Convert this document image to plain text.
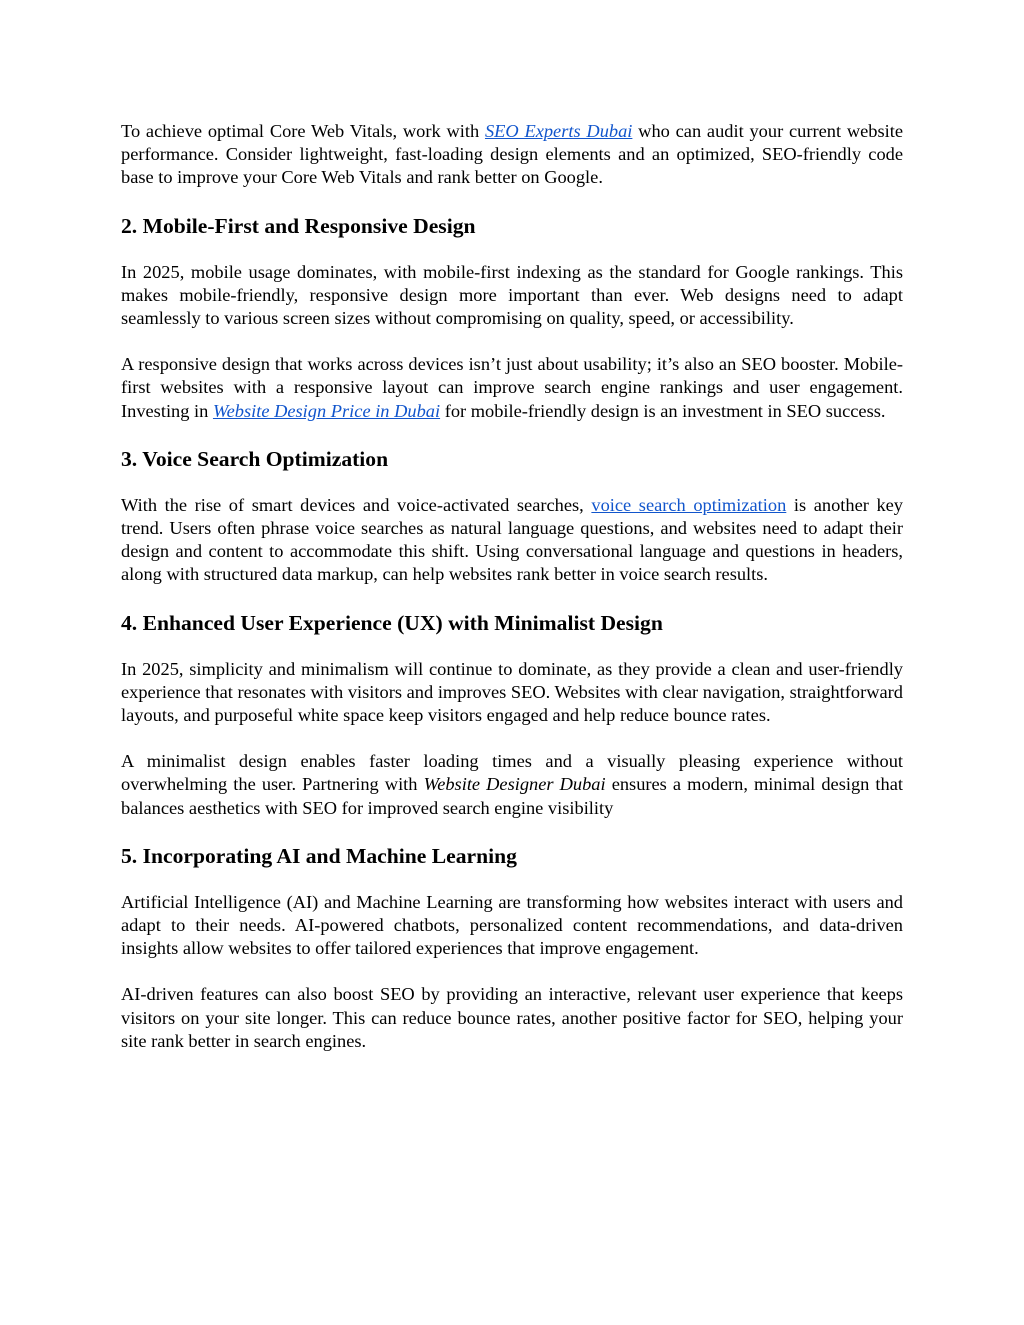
To achieve optimal Core Web Vitals, work with SEO Experts Dubai who can audit your current website performance. Consider lightweight, fast-loading design elements and an optimized, SEO-friendly code base to improve your Core Web Vitals and rank better on Google.

2. Mobile-First and Responsive Design

In 2025, mobile usage dominates, with mobile-first indexing as the standard for Google rankings. This makes mobile-friendly, responsive design more important than ever. Web designs need to adapt seamlessly to various screen sizes without compromising on quality, speed, or accessibility.

A responsive design that works across devices isn’t just about usability; it’s also an SEO booster. Mobile-first websites with a responsive layout can improve search engine rankings and user engagement. Investing in Website Design Price in Dubai for mobile-friendly design is an investment in SEO success.

3. Voice Search Optimization

With the rise of smart devices and voice-activated searches, voice search optimization is another key trend. Users often phrase voice searches as natural language questions, and websites need to adapt their design and content to accommodate this shift. Using conversational language and questions in headers, along with structured data markup, can help websites rank better in voice search results.

4. Enhanced User Experience (UX) with Minimalist Design

In 2025, simplicity and minimalism will continue to dominate, as they provide a clean and user-friendly experience that resonates with visitors and improves SEO. Websites with clear navigation, straightforward layouts, and purposeful white space keep visitors engaged and help reduce bounce rates.

A minimalist design enables faster loading times and a visually pleasing experience without overwhelming the user. Partnering with Website Designer Dubai ensures a modern, minimal design that balances aesthetics with SEO for improved search engine visibility

5. Incorporating AI and Machine Learning

Artificial Intelligence (AI) and Machine Learning are transforming how websites interact with users and adapt to their needs. AI-powered chatbots, personalized content recommendations, and data-driven insights allow websites to offer tailored experiences that improve engagement.

AI-driven features can also boost SEO by providing an interactive, relevant user experience that keeps visitors on your site longer. This can reduce bounce rates, another positive factor for SEO, helping your site rank better in search engines.
